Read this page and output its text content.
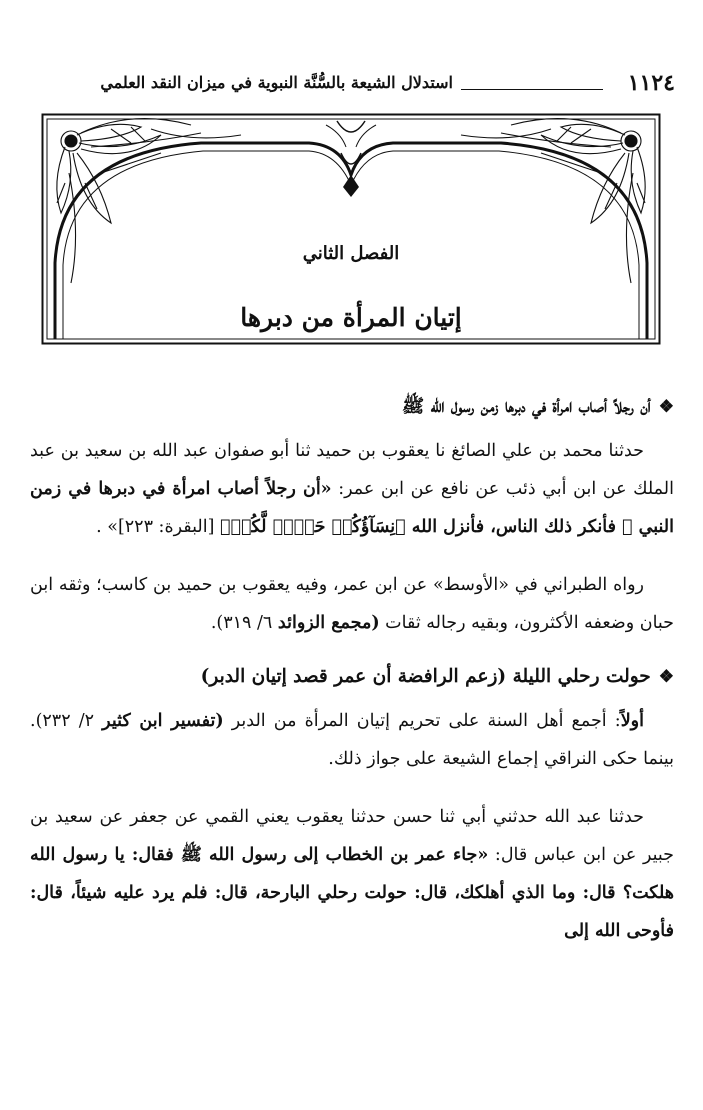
١١٢٤
استدلال الشيعة بالسُّنَّة النبوية في ميزان النقد العلمي
الفصل الثاني
إتيان المرأة من دبرها
❖
أن رجلاً أصاب امرأة في دبرها زمن رسول الله ﷺ

حدثنا محمد بن علي الصائغ نا يعقوب بن حميد ثنا أبو صفوان عبد الله بن سعيد بن عبد الملك عن ابن أبي ذئب عن نافع عن ابن عمر: «أن رجلاً أصاب امرأة في دبرها في زمن النبي ﷺ فأنكر ذلك الناس، فأنزل الله ﴿نِسَآؤُكُمۡ حَرۡثٞ لَّكُمۡ﴾ [البقرة: ٢٢٣]» .

رواه الطبراني في «الأوسط» عن ابن عمر، وفيه يعقوب بن حميد بن كاسب؛ وثقه ابن حبان وضعفه الأكثرون، وبقيه رجاله ثقات (مجمع الزوائد ٦/ ٣١٩).

❖
حولت رحلي الليلة (زعم الرافضة أن عمر قصد إتيان الدبر)

أولاً: أجمع أهل السنة على تحريم إتيان المرأة من الدبر (تفسير ابن كثير ٢/ ٢٣٢). بينما حكى النراقي إجماع الشيعة على جواز ذلك.

حدثنا عبد الله حدثني أبي ثنا حسن حدثنا يعقوب يعني القمي عن جعفر عن سعيد بن جبير عن ابن عباس قال: «جاء عمر بن الخطاب إلى رسول الله ﷺ فقال: يا رسول الله هلكت؟ قال: وما الذي أهلكك، قال: حولت رحلي البارحة، قال: فلم يرد عليه شيئاً، قال: فأوحى الله إلى
